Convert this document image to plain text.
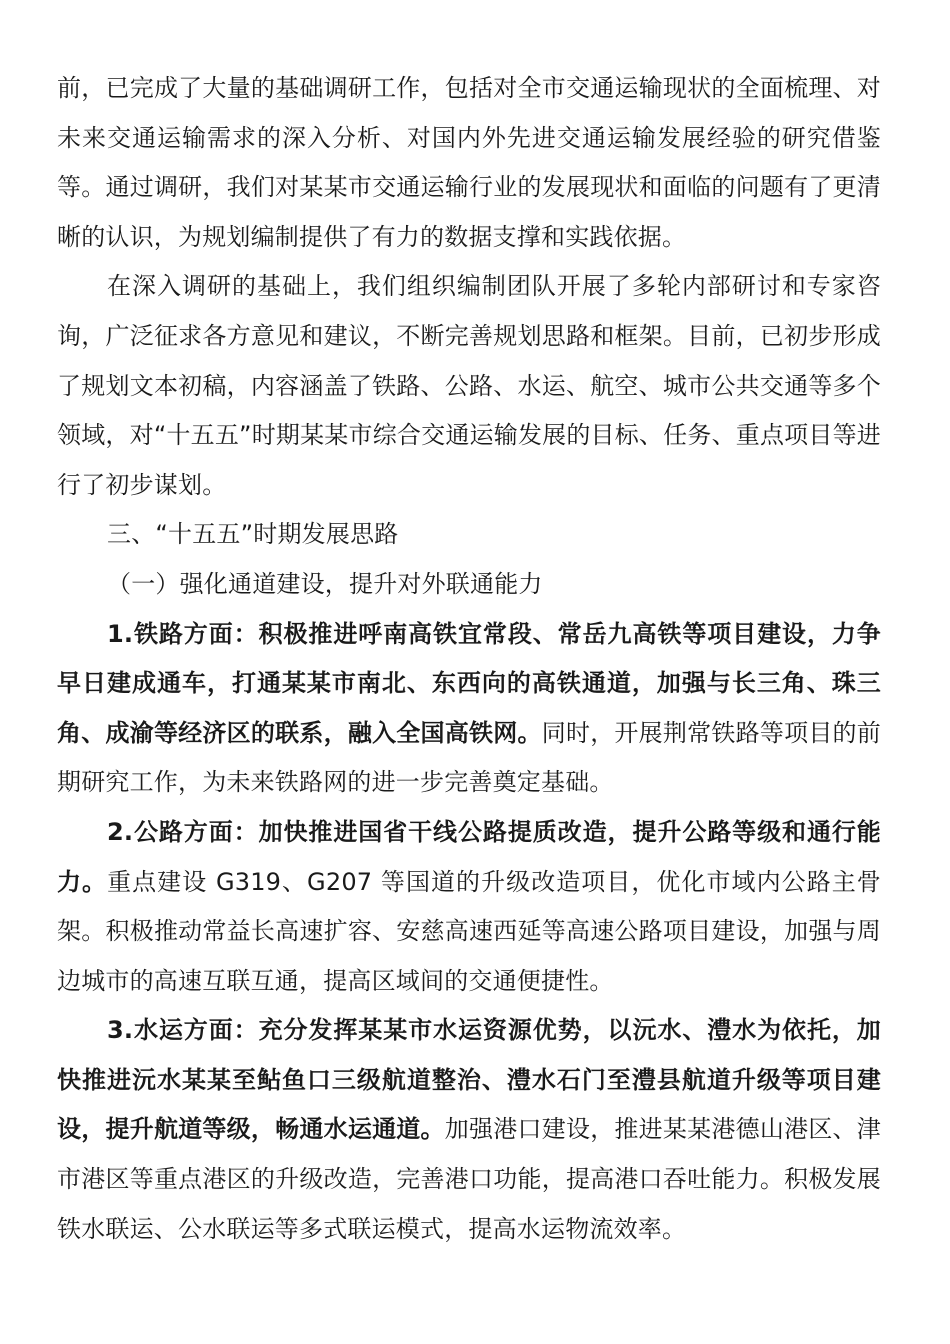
前，已完成了大量的基础调研工作，包括对全市交通运输现状的全面梳理、对未来交通运输需求的深入分析、对国内外先进交通运输发展经验的研究借鉴等。通过调研，我们对某某市交通运输行业的发展现状和面临的问题有了更清晰的认识，为规划编制提供了有力的数据支撑和实践依据。

在深入调研的基础上，我们组织编制团队开展了多轮内部研讨和专家咨询，广泛征求各方意见和建议，不断完善规划思路和框架。目前，已初步形成了规划文本初稿，内容涵盖了铁路、公路、水运、航空、城市公共交通等多个领域，对“十五五”时期某某市综合交通运输发展的目标、任务、重点项目等进行了初步谋划。

三、“十五五”时期发展思路

（一）强化通道建设，提升对外联通能力

1.铁路方面：积极推进呼南高铁宜常段、常岳九高铁等项目建设，力争早日建成通车，打通某某市南北、东西向的高铁通道，加强与长三角、珠三角、成渝等经济区的联系，融入全国高铁网。同时，开展荆常铁路等项目的前期研究工作，为未来铁路网的进一步完善奠定基础。

2.公路方面：加快推进国省干线公路提质改造，提升公路等级和通行能力。重点建设 G319、G207 等国道的升级改造项目，优化市域内公路主骨架。积极推动常益长高速扩容、安慈高速西延等高速公路项目建设，加强与周边城市的高速互联互通，提高区域间的交通便捷性。

3.水运方面：充分发挥某某市水运资源优势，以沅水、澧水为依托，加快推进沅水某某至鲇鱼口三级航道整治、澧水石门至澧县航道升级等项目建设，提升航道等级，畅通水运通道。加强港口建设，推进某某港德山港区、津市港区等重点港区的升级改造，完善港口功能，提高港口吞吐能力。积极发展铁水联运、公水联运等多式联运模式，提高水运物流效率。
